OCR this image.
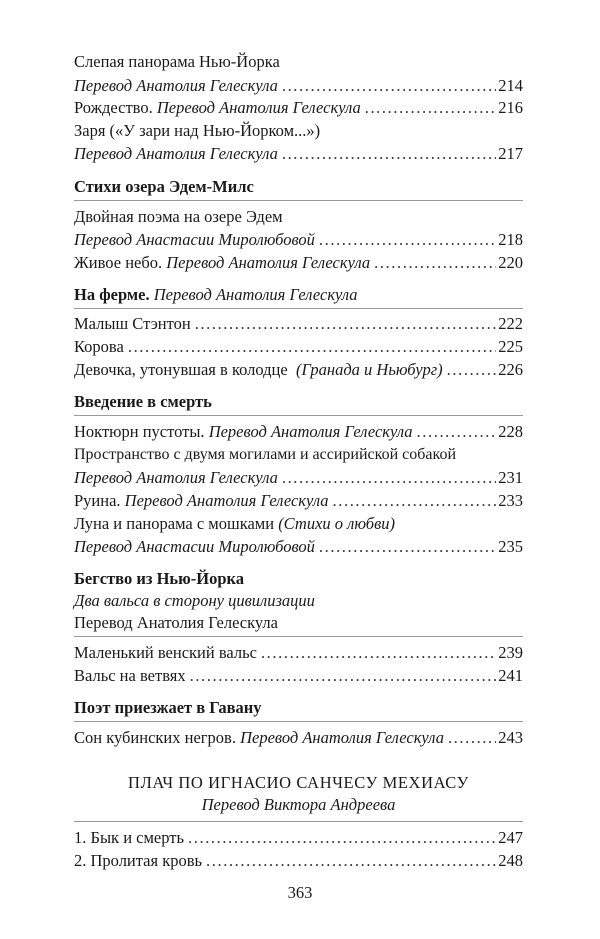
Слепая панорама Нью-Йорка
Перевод Анатолия Гелескула .....	214
Рождество.
Перевод Анатолия Гелескула .....	216
Заря («У зари над Нью-Йорком...»)
Перевод Анатолия Гелескула .....	217
Стихи озера Эдем-Милс
Двойная поэма на озере Эдем
Перевод Анастасии Миролюбовой .....	218
Живое небо.
Перевод Анатолия Гелескула .....	220
На ферме. Перевод Анатолия Гелескула
Малыш Стэнтон .....	222
Корова .....	225
Девочка, утонувшая в колодце
(Гранада и Ньюбург) .....	226
Введение в смерть
Ноктюрн пустоты.
Перевод Анатолия Гелескула .....	228
Пространство с двумя могилами и ассирийской собакой
Перевод Анатолия Гелескула .....	231
Руина.
Перевод Анатолия Гелескула .....	233
Луна и панорама с мошками (Стихи о любви)
Перевод Анастасии Миролюбовой .....	235
Бегство из Нью-Йорка
Два вальса в сторону цивилизации
Перевод Анатолия Гелескула
Маленький венский вальс .....	239
Вальс на ветвях .....	241
Поэт приезжает в Гавану
Сон кубинских негров.
Перевод Анатолия Гелескула .....	243
ПЛАЧ ПО ИГНАСИО САНЧЕСУ МЕХИАСУ
Перевод Виктора Андреева
1. Бык и смерть .....	247
2. Пролитая кровь .....	248
363
